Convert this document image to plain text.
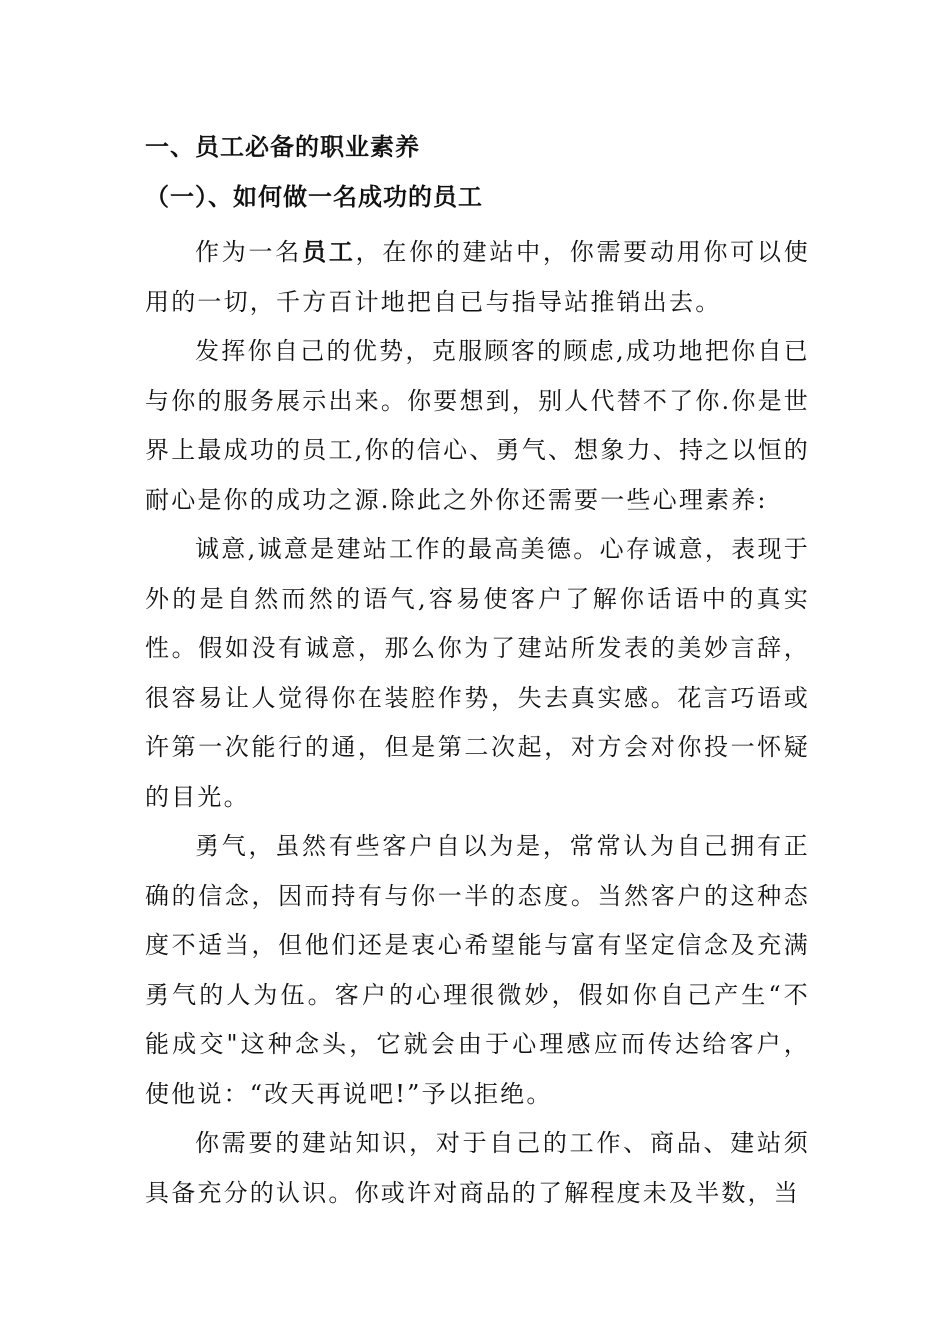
一、员工必备的职业素养
（一）、如何做一名成功的员工

作为一名员工，在你的建站中，你需要动用你可以使用的一切，千方百计地把自已与指导站推销出去。

发挥你自己的优势，克服顾客的顾虑,成功地把你自已与你的服务展示出来。你要想到，别人代替不了你.你是世界上最成功的员工,你的信心、勇气、想象力、持之以恒的耐心是你的成功之源.除此之外你还需要一些心理素养:

诚意,诚意是建站工作的最高美德。心存诚意，表现于外的是自然而然的语气,容易使客户了解你话语中的真实性。假如没有诚意，那么你为了建站所发表的美妙言辞，很容易让人觉得你在装腔作势，失去真实感。花言巧语或许第一次能行的通，但是第二次起，对方会对你投一怀疑的目光。

勇气，虽然有些客户自以为是，常常认为自己拥有正确的信念，因而持有与你一半的态度。当然客户的这种态度不适当，但他们还是衷心希望能与富有坚定信念及充满勇气的人为伍。客户的心理很微妙，假如你自己产生“不能成交"这种念头，它就会由于心理感应而传达给客户，使他说：“改天再说吧!”予以拒绝。

你需要的建站知识，对于自己的工作、商品、建站须具备充分的认识。你或许对商品的了解程度未及半数，当
